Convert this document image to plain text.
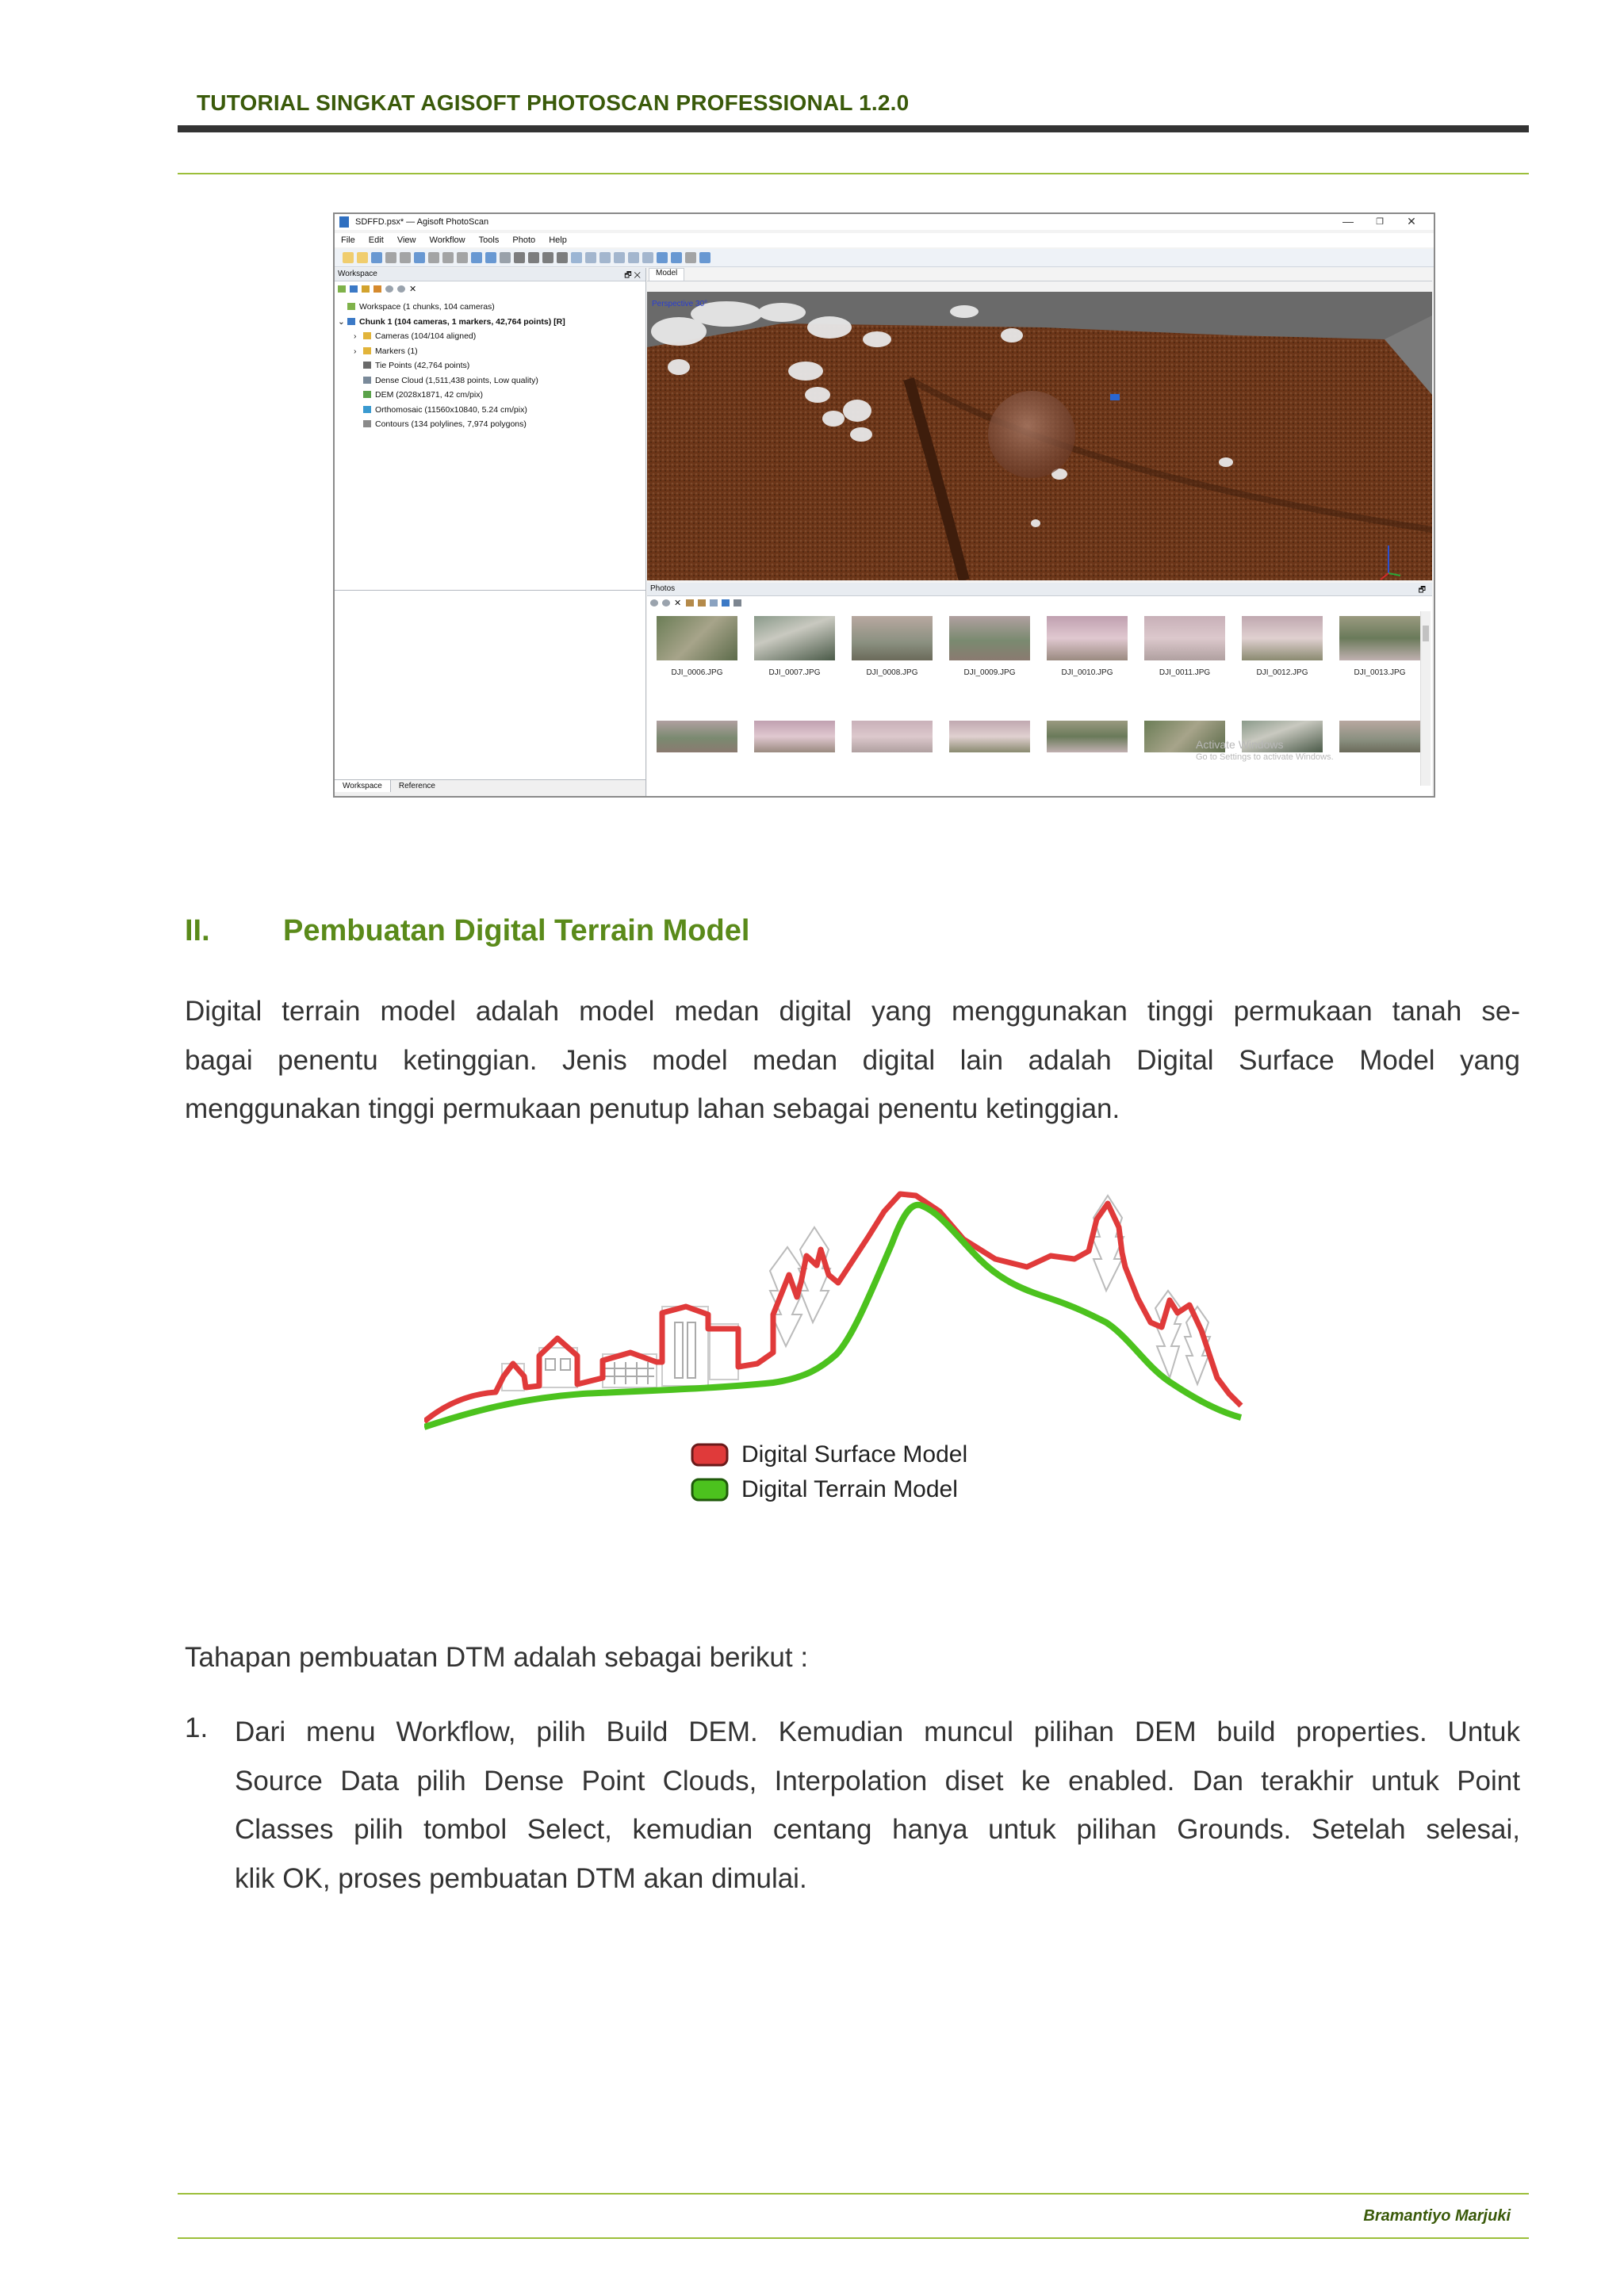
TUTORIAL SINGKAT AGISOFT PHOTOSCAN PROFESSIONAL 1.2.0
SDFFD.psx* — Agisoft PhotoScan	—	❐	✕
File Edit View Workflow Tools Photo Help
Workspace	🗗 ✕
✕
Workspace (1 chunks, 104 cameras)
⌄ Chunk 1 (104 cameras, 1 markers, 42,764 points) [R]
› Cameras (104/104 aligned)
› Markers (1)
Tie Points (42,764 points)
Dense Cloud (1,511,438 points, Low quality)
DEM (2028x1871, 42 cm/pix)
Orthomosaic (11560x10840, 5.24 cm/pix)
Contours (134 polylines, 7,974 polygons)
Workspace Reference
Model
Perspective 30°
Photos	🗗
✕
DJI_0006.JPG	DJI_0007.JPG	DJI_0008.JPG	DJI_0009.JPG	DJI_0010.JPG	DJI_0011.JPG	DJI_0012.JPG	DJI_0013.JPG
Activate Windows
Go to Settings to activate Windows.
II. Pembuatan Digital Terrain Model
Digital terrain model adalah model medan digital yang menggunakan tinggi permukaan tanah se-
bagai penentu ketinggian. Jenis model medan digital lain adalah Digital Surface Model yang
menggunakan tinggi permukaan penutup lahan sebagai penentu ketinggian.
Digital Surface Model
Digital Terrain Model
Tahapan pembuatan DTM adalah sebagai berikut :
1. Dari menu Workflow, pilih Build DEM. Kemudian muncul pilihan DEM build properties. Untuk
Source Data pilih Dense Point Clouds, Interpolation diset ke enabled. Dan terakhir untuk Point
Classes pilih tombol Select, kemudian centang hanya untuk pilihan Grounds. Setelah selesai,
klik OK, proses pembuatan DTM akan dimulai.
Bramantiyo Marjuki
